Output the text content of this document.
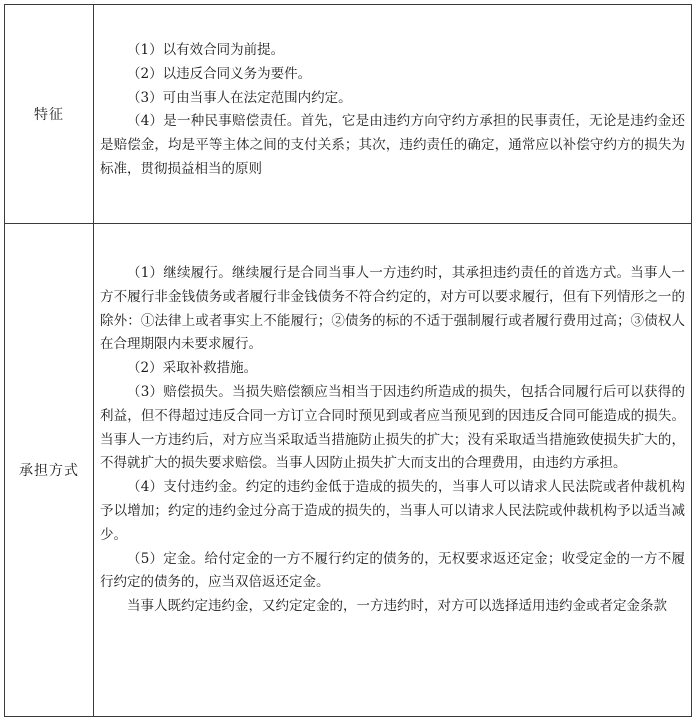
特征

（1）以有效合同为前提。

（2）以违反合同义务为要件。

（3）可由当事人在法定范围内约定。

（4）是一种民事赔偿责任。首先，它是由违约方向守约方承担的民事责任，无论是违约金还是赔偿金，均是平等主体之间的支付关系；其次，违约责任的确定，通常应以补偿守约方的损失为标准，贯彻损益相当的原则

承担方式

（1）继续履行。继续履行是合同当事人一方违约时，其承担违约责任的首选方式。当事人一方不履行非金钱债务或者履行非金钱债务不符合约定的，对方可以要求履行，但有下列情形之一的除外：①法律上或者事实上不能履行；②债务的标的不适于强制履行或者履行费用过高；③债权人在合理期限内未要求履行。

（2）采取补救措施。

（3）赔偿损失。当损失赔偿额应当相当于因违约所造成的损失，包括合同履行后可以获得的利益，但不得超过违反合同一方订立合同时预见到或者应当预见到的因违反合同可能造成的损失。当事人一方违约后，对方应当采取适当措施防止损失的扩大；没有采取适当措施致使损失扩大的，不得就扩大的损失要求赔偿。当事人因防止损失扩大而支出的合理费用，由违约方承担。

（4）支付违约金。约定的违约金低于造成的损失的，当事人可以请求人民法院或者仲裁机构予以增加；约定的违约金过分高于造成的损失的，当事人可以请求人民法院或仲裁机构予以适当减少。

（5）定金。给付定金的一方不履行约定的债务的，无权要求返还定金；收受定金的一方不履行约定的债务的，应当双倍返还定金。

当事人既约定违约金，又约定定金的，一方违约时，对方可以选择适用违约金或者定金条款
